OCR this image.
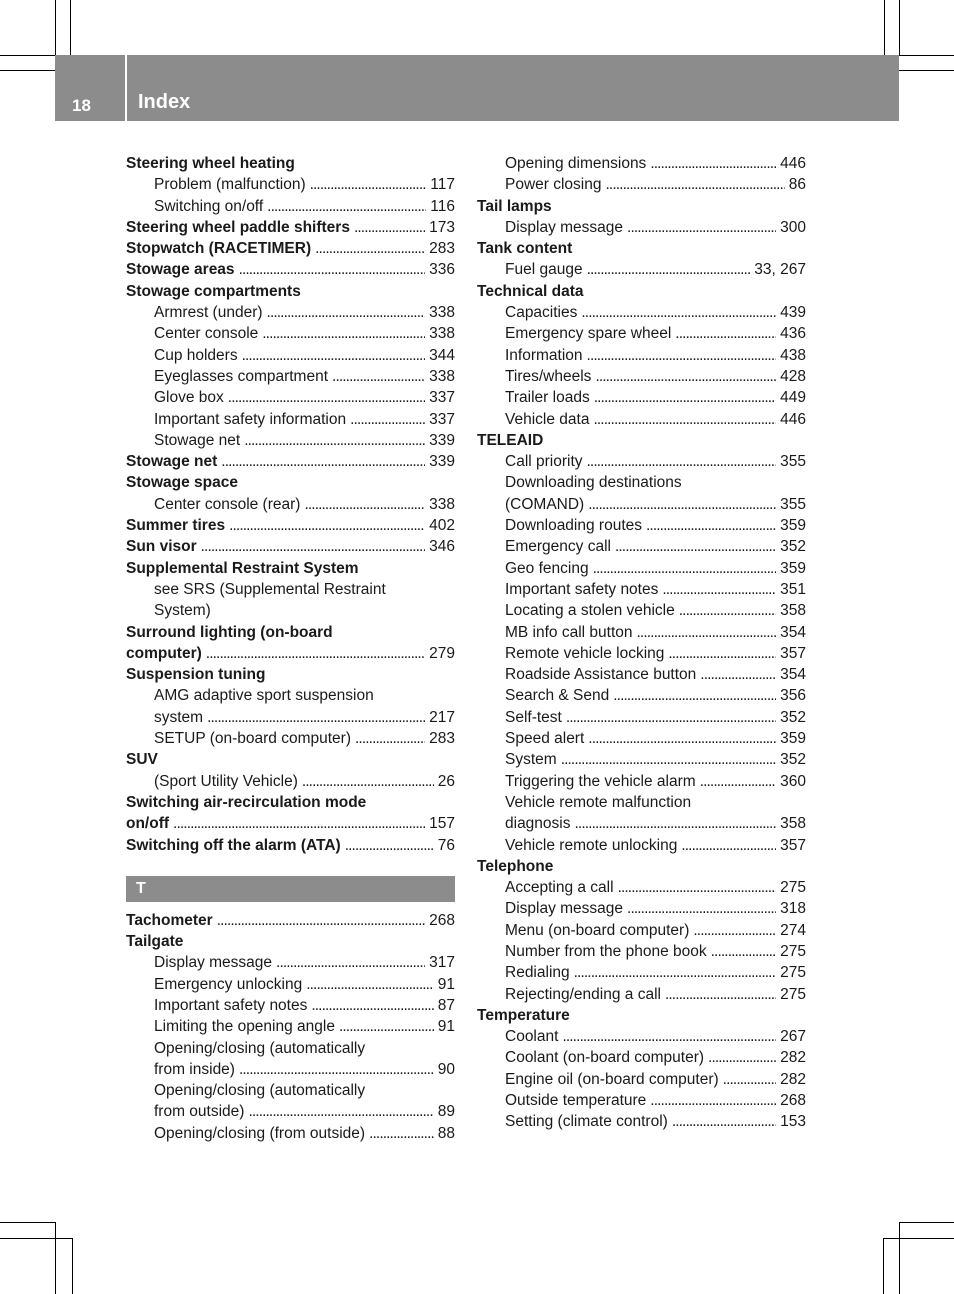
18	Index
Steering wheel heating
Problem (malfunction) . . .	117
Switching on/off . . .	116
Steering wheel paddle shifters . . .	173
Stopwatch (RACETIMER) . . .	283
Stowage areas . . .	336
Stowage compartments
Armrest (under) . . .	338
Center console . . .	338
Cup holders . . .	344
Eyeglasses compartment . . .	338
Glove box . . .	337
Important safety information . . .	337
Stowage net . . .	339
Stowage net . . .	339
Stowage space
Center console (rear) . . .	338
Summer tires . . .	402
Sun visor . . .	346
Supplemental Restraint System
see SRS (Supplemental Restraint
System)
Surround lighting (on-board
computer) . . .	279
Suspension tuning
AMG adaptive sport suspension
system . . .	217
SETUP (on-board computer) . . .	283
SUV
(Sport Utility Vehicle) . . .	26
Switching air-recirculation mode
on/off . . .	157
Switching off the alarm (ATA) . . .	76
T
Tachometer . . .	268
Tailgate
Display message . . .	317
Emergency unlocking . . .	91
Important safety notes . . .	87
Limiting the opening angle . . .	91
Opening/closing (automatically
from inside) . . .	90
Opening/closing (automatically
from outside) . . .	89
Opening/closing (from outside) . . .	88
Opening dimensions . . .	446
Power closing . . .	86
Tail lamps
Display message . . .	300
Tank content
Fuel gauge . . .	33, 267
Technical data
Capacities . . .	439
Emergency spare wheel . . .	436
Information . . .	438
Tires/wheels . . .	428
Trailer loads . . .	449
Vehicle data . . .	446
TELEAID
Call priority . . .	355
Downloading destinations
(COMAND) . . .	355
Downloading routes . . .	359
Emergency call . . .	352
Geo fencing . . .	359
Important safety notes . . .	351
Locating a stolen vehicle . . .	358
MB info call button . . .	354
Remote vehicle locking . . .	357
Roadside Assistance button . . .	354
Search & Send . . .	356
Self-test . . .	352
Speed alert . . .	359
System . . .	352
Triggering the vehicle alarm . . .	360
Vehicle remote malfunction
diagnosis . . .	358
Vehicle remote unlocking . . .	357
Telephone
Accepting a call . . .	275
Display message . . .	318
Menu (on-board computer) . . .	274
Number from the phone book . . .	275
Redialing . . .	275
Rejecting/ending a call . . .	275
Temperature
Coolant . . .	267
Coolant (on-board computer) . . .	282
Engine oil (on-board computer) . . .	282
Outside temperature . . .	268
Setting (climate control) . . .	153
